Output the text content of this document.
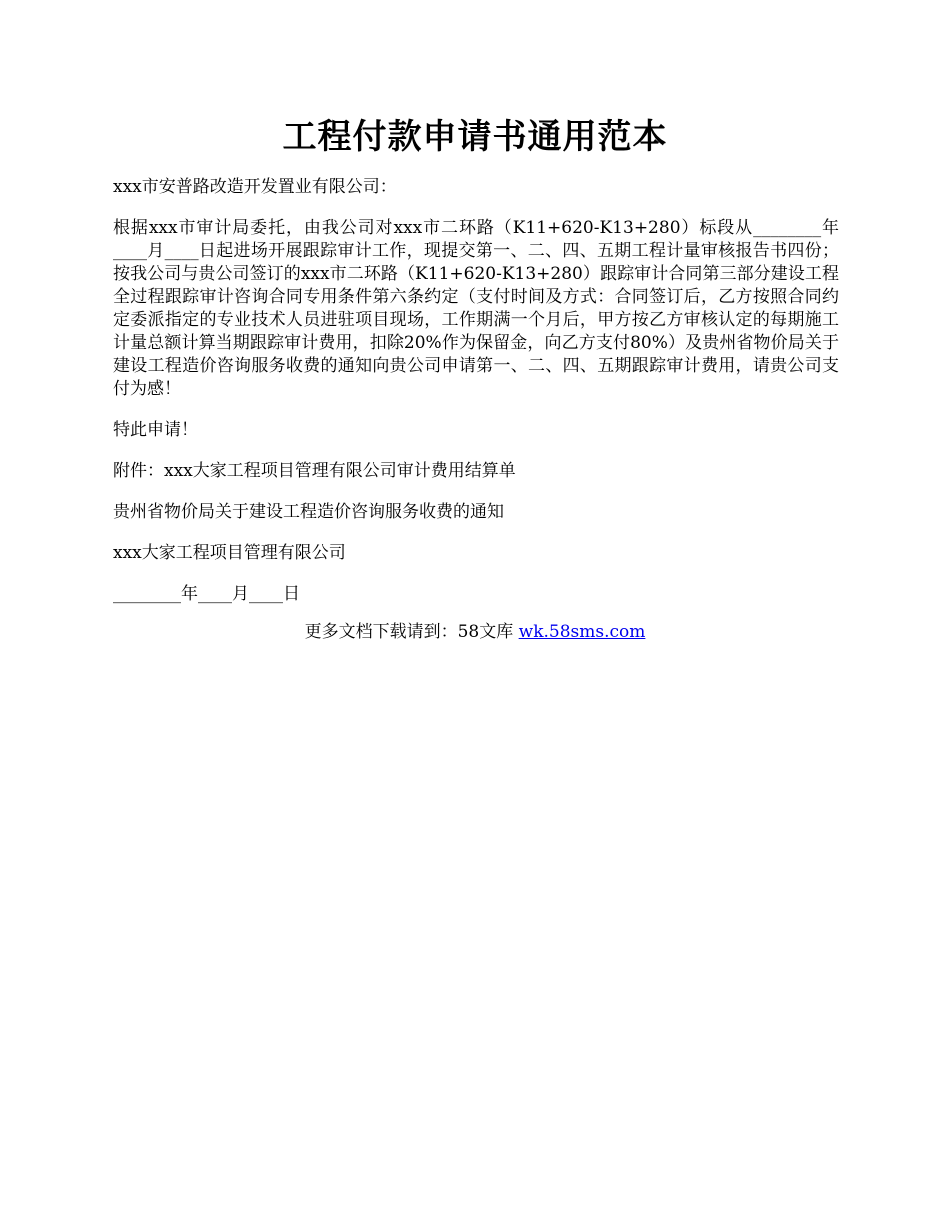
工程付款申请书通用范本

xxx市安普路改造开发置业有限公司：

根据xxx市审计局委托，由我公司对xxx市二环路（K11+620-K13+280）标段从________年____月____日起进场开展跟踪审计工作，现提交第一、二、四、五期工程计量审核报告书四份；按我公司与贵公司签订的xxx市二环路（K11+620-K13+280）跟踪审计合同第三部分建设工程全过程跟踪审计咨询合同专用条件第六条约定（支付时间及方式：合同签订后，乙方按照合同约定委派指定的专业技术人员进驻项目现场，工作期满一个月后，甲方按乙方审核认定的每期施工计量总额计算当期跟踪审计费用，扣除20%作为保留金，向乙方支付80%）及贵州省物价局关于建设工程造价咨询服务收费的通知向贵公司申请第一、二、四、五期跟踪审计费用，请贵公司支付为感！

特此申请！

附件：xxx大家工程项目管理有限公司审计费用结算单

贵州省物价局关于建设工程造价咨询服务收费的通知

xxx大家工程项目管理有限公司

________年____月____日

更多文档下载请到：58文库 wk.58sms.com
